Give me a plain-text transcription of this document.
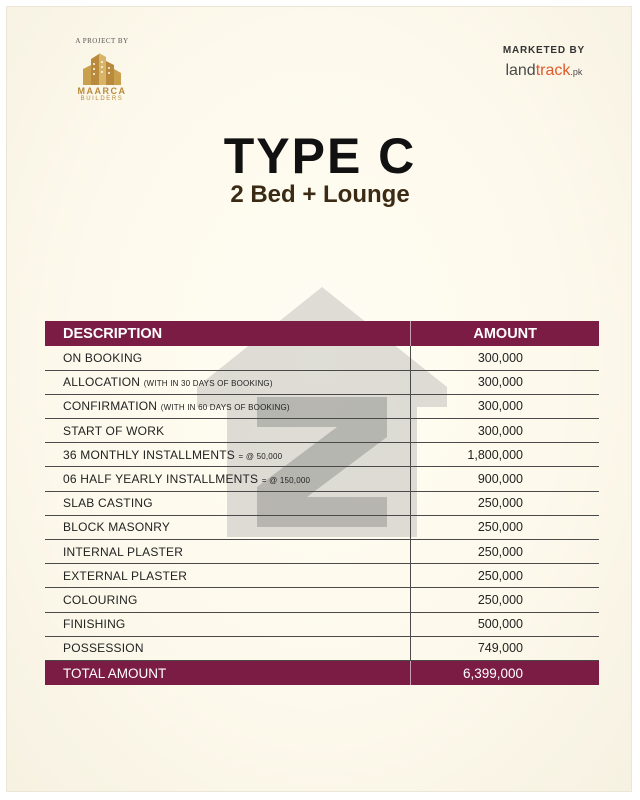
A PROJECT BY
MAARCA
BUILDERS
MARKETED BY
landtrack.pk
TYPE C
2 Bed + Lounge
DESCRIPTION	AMOUNT
ON BOOKING	300,000
ALLOCATION (WITH IN 30 DAYS OF BOOKING)	300,000
CONFIRMATION (WITH IN 60 DAYS OF BOOKING)	300,000
START OF WORK	300,000
36 MONTHLY INSTALLMENTS = @ 50,000	1,800,000
06 HALF YEARLY INSTALLMENTS = @ 150,000	900,000
SLAB CASTING	250,000
BLOCK MASONRY	250,000
INTERNAL PLASTER	250,000
EXTERNAL PLASTER	250,000
COLOURING	250,000
FINISHING	500,000
POSSESSION	749,000
TOTAL AMOUNT	6,399,000
